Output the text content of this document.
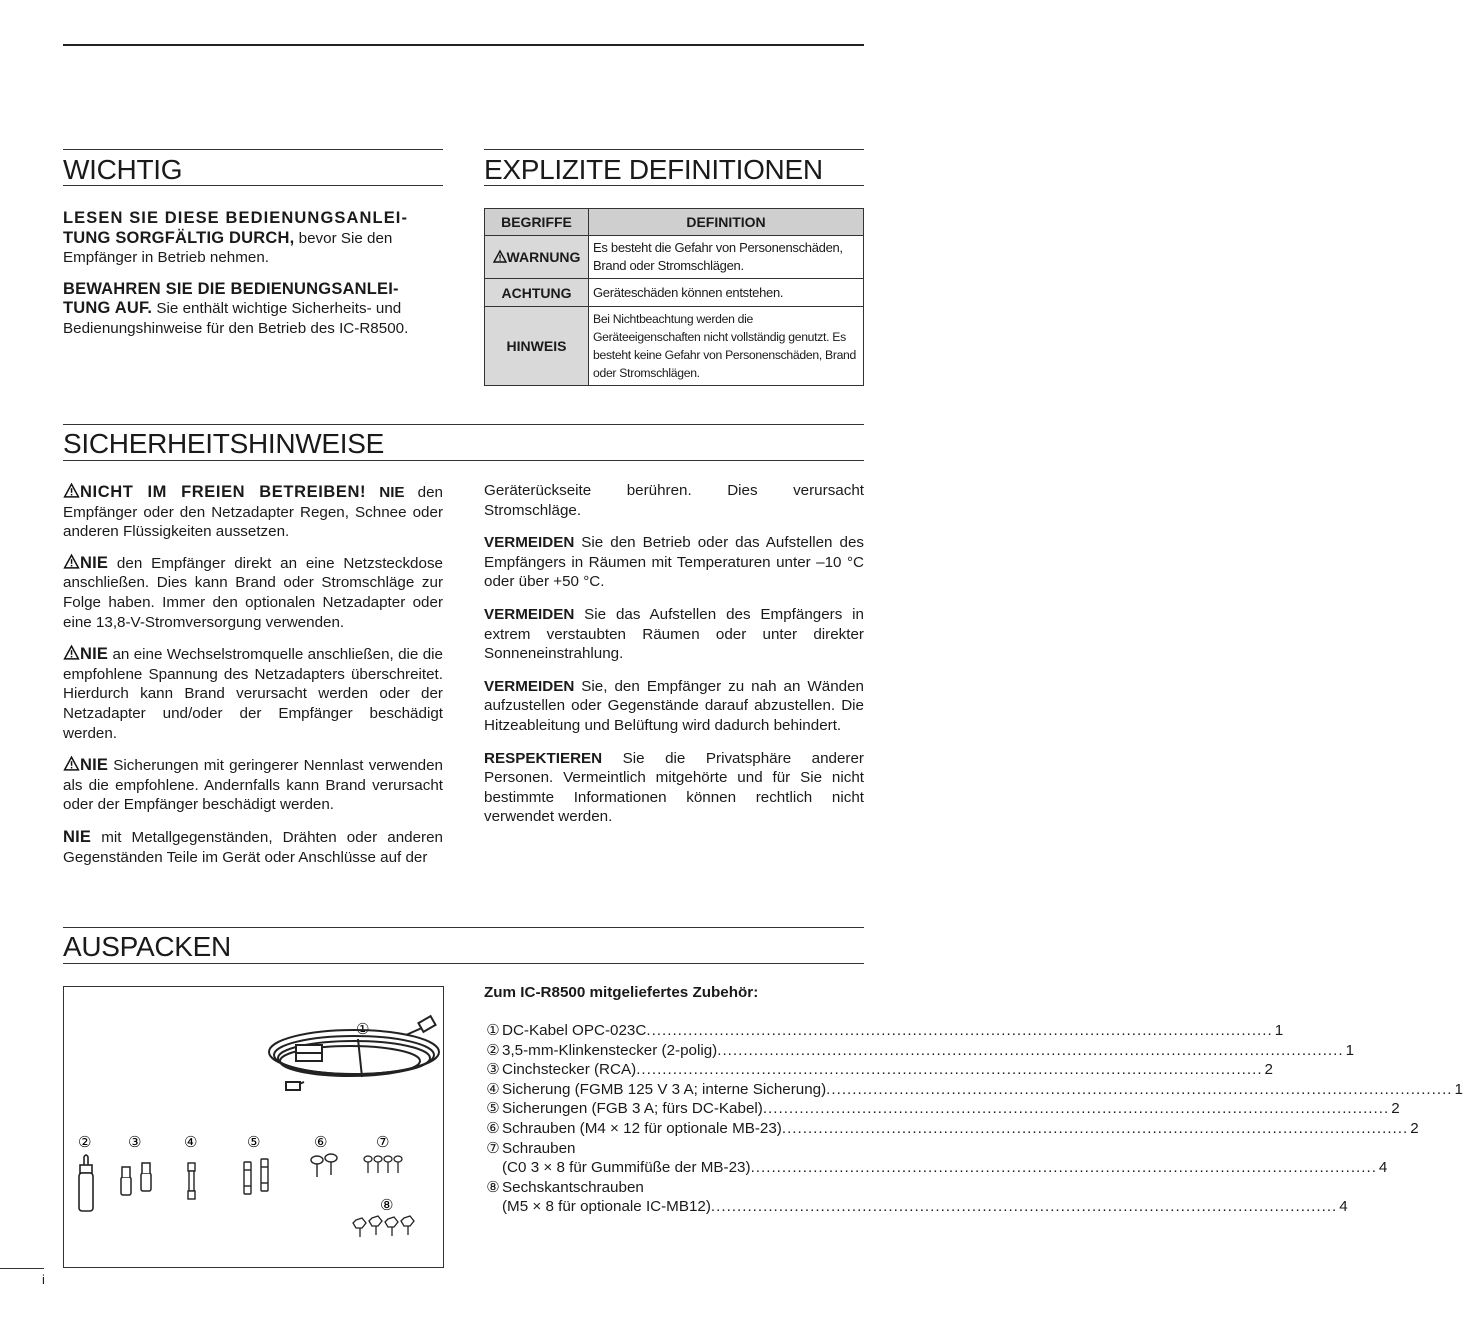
WICHTIG
LESEN SIE DIESE BEDIENUNGSANLEI-
TUNG SORGFÄLTIG DURCH, bevor Sie den
Empfänger in Betrieb nehmen.
BEWAHREN SIE DIE BEDIENUNGSANLEI-
TUNG AUF. Sie enthält wichtige Sicherheits- und
Bedienungshinweise für den Betrieb des IC-R8500.
EXPLIZITE DEFINITIONEN
BEGRIFFE	DEFINITION
WARNUNG	Es besteht die Gefahr von Personenschäden, Brand oder Stromschlägen.
ACHTUNG	Geräteschäden können entstehen.
HINWEIS	Bei Nichtbeachtung werden die Geräteeigenschaften nicht vollständig genutzt. Es besteht keine Gefahr von Personenschäden, Brand oder Stromschlägen.
SICHERHEITSHINWEISE
NICHT IM FREIEN BETREIBEN! NIE den Empfänger oder den Netzadapter Regen, Schnee oder anderen Flüssigkeiten aussetzen.
NIE den Empfänger direkt an eine Netzsteckdose anschließen. Dies kann Brand oder Stromschläge zur Folge haben. Immer den optionalen Netzadapter oder eine 13,8-V-Stromversorgung verwenden.
NIE an eine Wechselstromquelle anschließen, die die empfohlene Spannung des Netzadapters überschreitet. Hierdurch kann Brand verursacht werden oder der Netzadapter und/oder der Empfänger beschädigt werden.
NIE Sicherungen mit geringerer Nennlast verwenden als die empfohlene. Andernfalls kann Brand verursacht oder der Empfänger beschädigt werden.
NIE mit Metallgegenständen, Drähten oder anderen Gegenständen Teile im Gerät oder Anschlüsse auf der
Geräterückseite berühren. Dies verursacht Stromschläge.
VERMEIDEN Sie den Betrieb oder das Aufstellen des Empfängers in Räumen mit Temperaturen unter –10 °C oder über +50 °C.
VERMEIDEN Sie das Aufstellen des Empfängers in extrem verstaubten Räumen oder unter direkter Sonneneinstrahlung.
VERMEIDEN Sie, den Empfänger zu nah an Wänden aufzustellen oder Gegenstände darauf abzustellen. Die Hitzeableitung und Belüftung wird dadurch behindert.
RESPEKTIEREN Sie die Privatsphäre anderer Personen. Vermeintlich mitgehörte und für Sie nicht bestimmte Informationen können rechtlich nicht verwendet werden.
AUSPACKEN
①
② ③	④	⑤	⑥	⑦
⑧
Zum IC-R8500 mitgeliefertes Zubehör:
① DC-Kabel OPC-023C ........................................................................................................................ 1
② 3,5-mm-Klinkenstecker (2-polig) ........................................................................................................................ 1
③ Cinchstecker (RCA) ........................................................................................................................ 2
④ Sicherung (FGMB 125 V 3 A; interne Sicherung) ........................................................................................................................ 1
⑤ Sicherungen (FGB 3 A; fürs DC-Kabel) ........................................................................................................................ 2
⑥ Schrauben (M4 × 12 für optionale MB-23) ........................................................................................................................ 2
⑦ Schrauben
(C0 3 × 8 für Gummifüße der MB-23) ........................................................................................................................ 4
⑧ Sechskantschrauben
(M5 × 8 für optionale IC-MB12) ........................................................................................................................ 4
i
